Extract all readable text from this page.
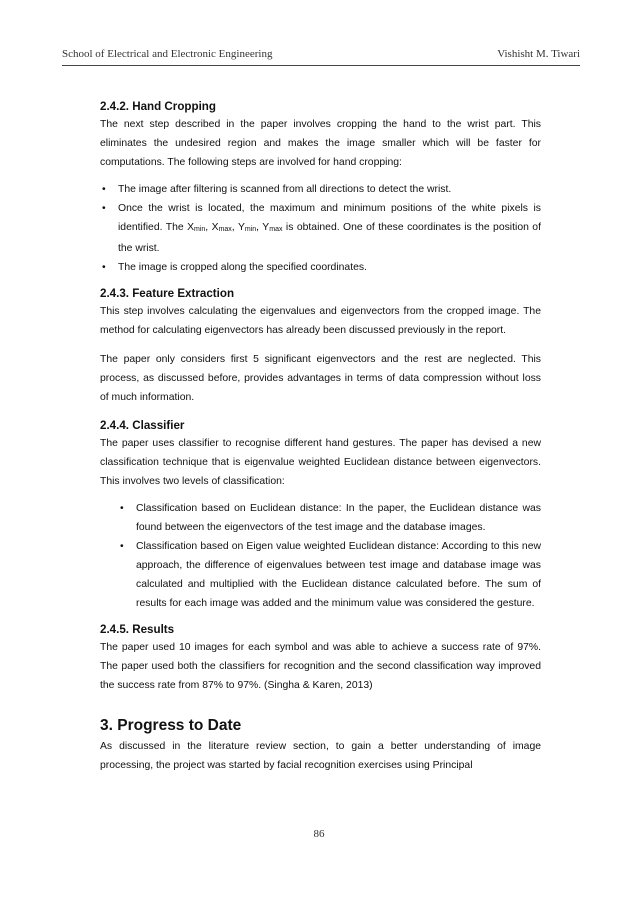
School of Electrical and Electronic Engineering	Vishisht M. Tiwari

2.4.2. Hand Cropping

The next step described in the paper involves cropping the hand to the wrist part. This eliminates the undesired region and makes the image smaller which will be faster for computations. The following steps are involved for hand cropping:

• The image after filtering is scanned from all directions to detect the wrist.
• Once the wrist is located, the maximum and minimum positions of the white pixels is identified. The $X_{min}$, $X_{max}$, $Y_{min}$, $Y_{max}$ is obtained. One of these coordinates is the position of the wrist.
• The image is cropped along the specified coordinates.

2.4.3. Feature Extraction

This step involves calculating the eigenvalues and eigenvectors from the cropped image. The method for calculating eigenvectors has already been discussed previously in the report.

The paper only considers first 5 significant eigenvectors and the rest are neglected. This process, as discussed before, provides advantages in terms of data compression without loss of much information.

2.4.4. Classifier

The paper uses classifier to recognise different hand gestures. The paper has devised a new classification technique that is eigenvalue weighted Euclidean distance between eigenvectors. This involves two levels of classification:

• Classification based on Euclidean distance: In the paper, the Euclidean distance was found between the eigenvectors of the test image and the database images.
• Classification based on Eigen value weighted Euclidean distance: According to this new approach, the difference of eigenvalues between test image and database image was calculated and multiplied with the Euclidean distance calculated before. The sum of results for each image was added and the minimum value was considered the gesture.

2.4.5. Results

The paper used 10 images for each symbol and was able to achieve a success rate of 97%. The paper used both the classifiers for recognition and the second classification way improved the success rate from 87% to 97%. (Singha & Karen, 2013)

3. Progress to Date

As discussed in the literature review section, to gain a better understanding of image processing, the project was started by facial recognition exercises using Principal

86
